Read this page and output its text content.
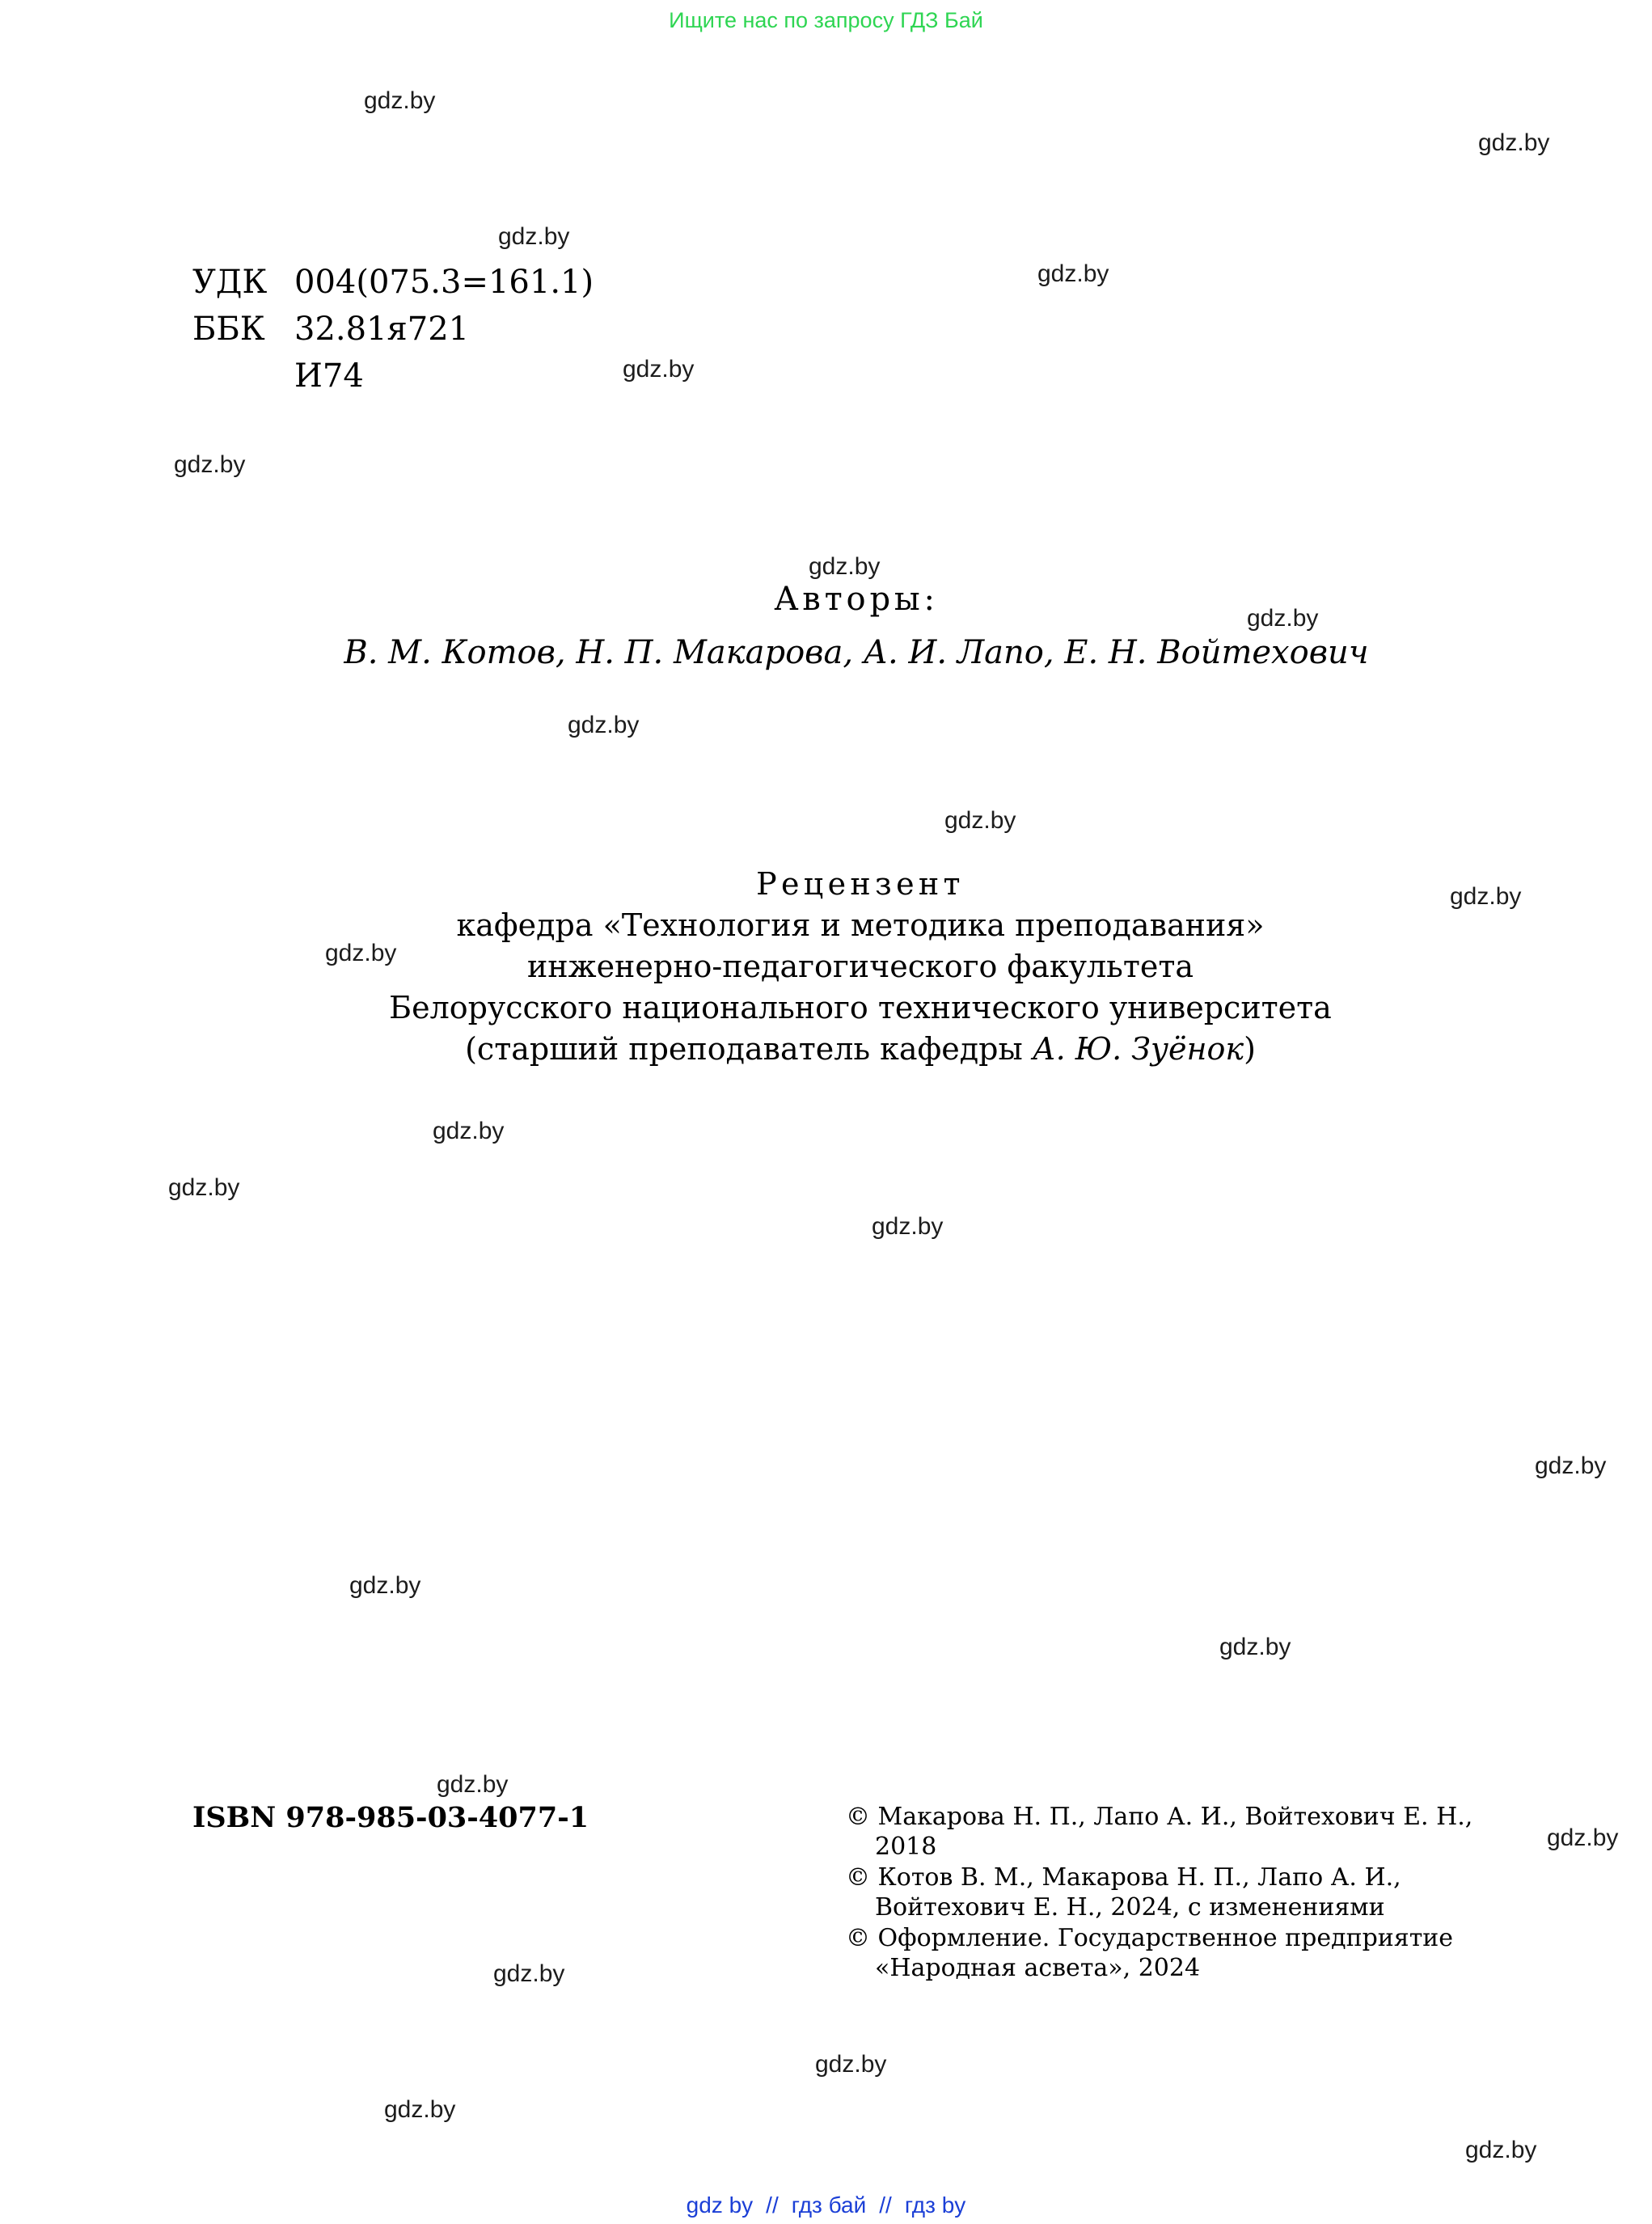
Ищите нас по запросу ГДЗ Бай
gdz.by
gdz.by
gdz.by
gdz.by
gdz.by
gdz.by
gdz.by
gdz.by
gdz.by
gdz.by
gdz.by
gdz.by
gdz.by
gdz.by
gdz.by
gdz.by
gdz.by
gdz.by
gdz.by
gdz.by
gdz.by
gdz.by
gdz.by
gdz.by
УДК 004(075.3=161.1)
ББК 32.81я721
И74
Авторы:
В. М. Котов, Н. П. Макарова, А. И. Лапо, Е. Н. Войтехович
Рецензент
кафедра «Технология и методика преподавания»
инженерно-педагогического факультета
Белорусского национального технического университета
(старший преподаватель кафедры А. Ю. Зуёнок)
ISBN 978-985-03-4077-1	© Макарова Н. П., Лапо А. И., Войтехович Е. Н.,
2018
© Котов В. М., Макарова Н. П., Лапо А. И.,
Войтехович Е. Н., 2024, с изменениями
© Оформление. Государственное предприятие
«Народная асвета», 2024
gdz by // гдз бай // гдз by
